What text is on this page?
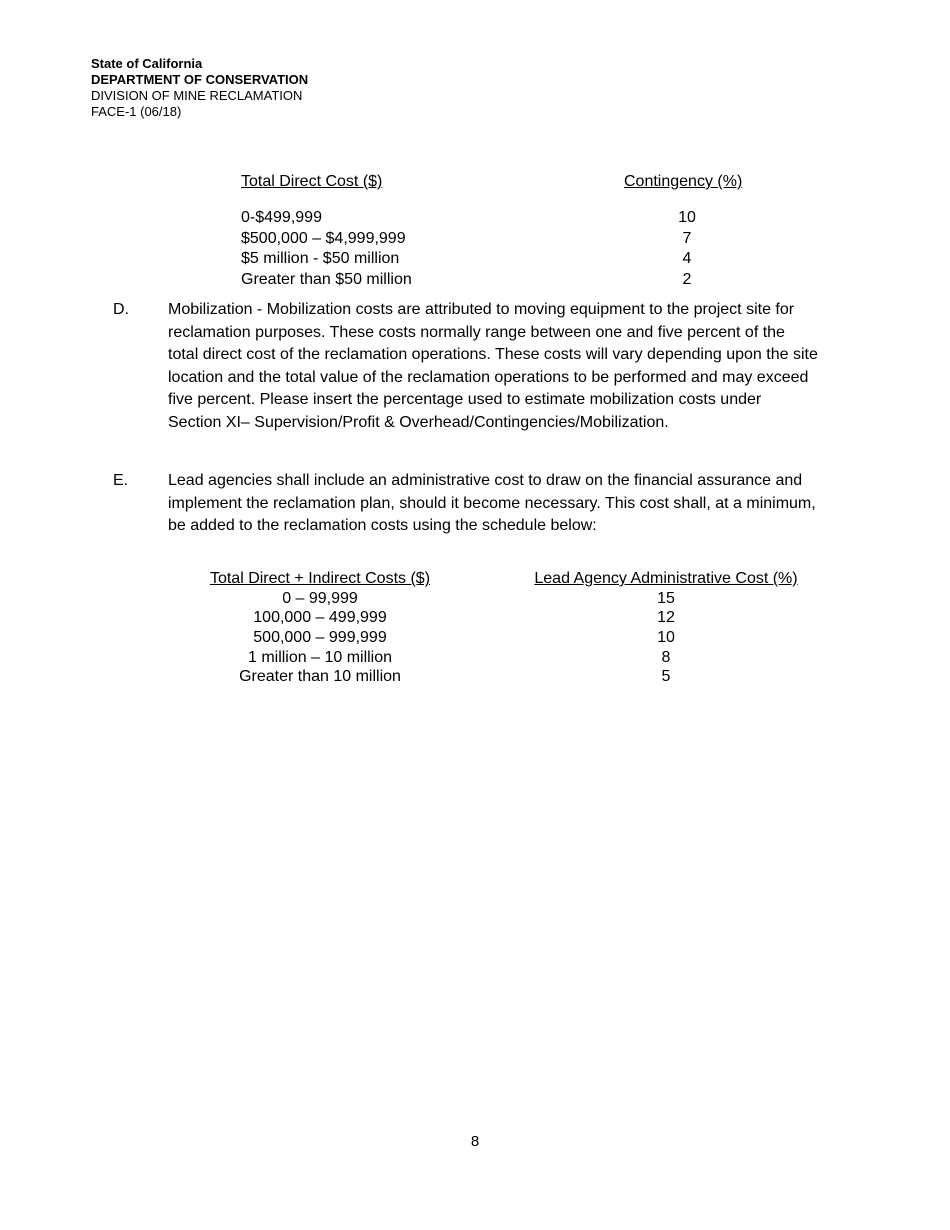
State of California
DEPARTMENT OF CONSERVATION
DIVISION OF MINE RECLAMATION
FACE-1 (06/18)
Total Direct Cost ($)	Contingency (%)
0-$499,999	10
$500,000 – $4,999,999	7
$5 million - $50 million	4
Greater than $50 million	2
D. Mobilization - Mobilization costs are attributed to moving equipment to the project site for reclamation purposes. These costs normally range between one and five percent of the total direct cost of the reclamation operations. These costs will vary depending upon the site location and the total value of the reclamation operations to be performed and may exceed five percent. Please insert the percentage used to estimate mobilization costs under Section XI– Supervision/Profit & Overhead/Contingencies/Mobilization.
E. Lead agencies shall include an administrative cost to draw on the financial assurance and implement the reclamation plan, should it become necessary. This cost shall, at a minimum, be added to the reclamation costs using the schedule below:
Total Direct + Indirect Costs ($)	Lead Agency Administrative Cost (%)
0 – 99,999	15
100,000 – 499,999	12
500,000 – 999,999	10
1 million – 10 million	8
Greater than 10 million	5
8
